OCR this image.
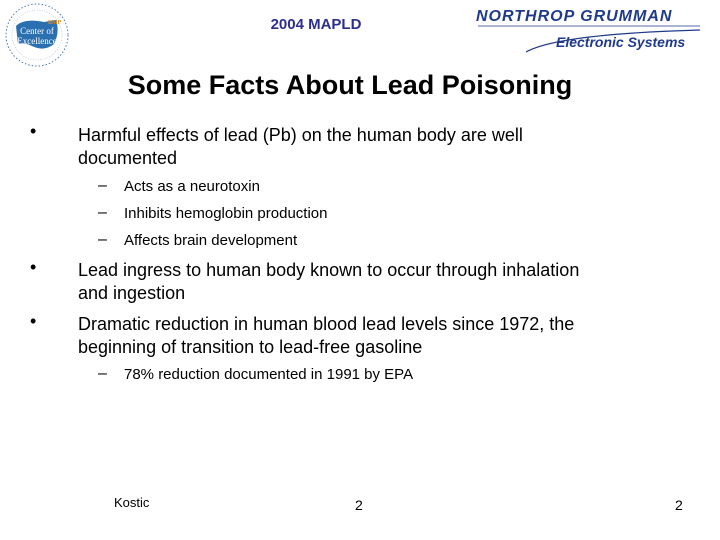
BMP
Center of
Excellence
2004 MAPLD	NORTHROP GRUMMAN
Electronic Systems
Some Facts About Lead Poisoning
• Harmful effects of lead (Pb) on the human body are well
documented
– Acts as a neurotoxin
– Inhibits hemoglobin production
– Affects brain development
• Lead ingress to human body known to occur through inhalation
and ingestion
• Dramatic reduction in human blood lead levels since 1972, the
beginning of transition to lead-free gasoline
– 78% reduction documented in 1991 by EPA
Kostic	2	2
